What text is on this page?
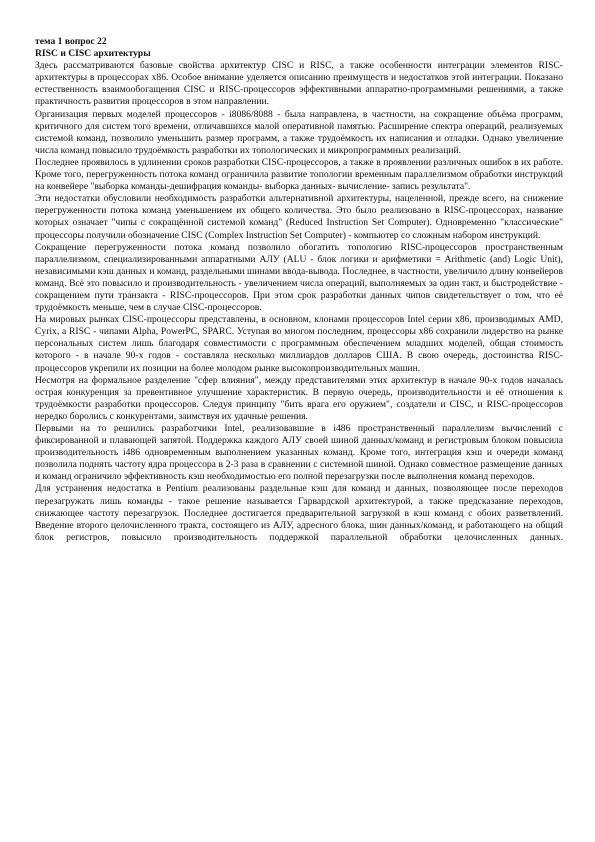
тема 1 вопрос 22
RISC и CISC архитектуры

Здесь рассматриваются базовые свойства архитектур CISC и RISC, а также особенности интеграции элементов RISC-архитектуры в процессорах x86. Особое внимание уделяется описанию преимуществ и недостатков этой интеграции. Показано естественность взаимообогащения CISC и RISC-процессоров эффективными аппаратно-программными решениями, а также практичность развития процессоров в этом направлении.

Организация первых моделей процессоров - i8086/8088 - была направлена, в частности, на сокращение объёма программ, критичного для систем того времени, отличавшихся малой оперативной памятью. Расширение спектра операций, реализуемых системой команд, позволило уменьшить размер программ, а также трудоёмкость их написания и отладки. Однако увеличение числа команд повысило трудоёмкость разработки их топологических и микропрограммных реализаций.

Последнее проявилось в удлинении сроков разработки CISC-процессоров, а также в проявлении различных ошибок в их работе. Кроме того, перегруженность потока команд ограничила развитие топологии временным параллелизмом обработки инструкций на конвейере "выборка команды-дешифрация команды- выборка данных- вычисление- запись результата".

Эти недостатки обусловили необходимость разработки альтернативной архитектуры, нацеленной, прежде всего, на снижение перегруженности потока команд уменьшением их общего количества. Это было реализовано в RISC-процессорах, название которых означает "чипы с сокращённой системой команд" (Reduced Instruction Set Computer). Одновременно "классические" процессоры получили обозначение CISC (Complex Instruction Set Computer) - компьютер со сложным набором инструкций.

Сокращение перегруженности потока команд позволило обогатить топологию RISC-процессоров пространственным параллелизмом, специализированными аппаратными АЛУ (ALU - блок логики и арифметики = Arithmetic (and) Logic Unit), независимыми кэш данных и команд, раздельными шинами ввода-вывода. Последнее, в частности, увеличило длину конвейеров команд. Всё это повысило и производительность - увеличением числа операций, выполняемых за один такт, и быстродействие - сокращением пути транзакта - RISC-процессоров. При этом срок разработки данных чипов свидетельствует о том, что её трудоёмкость меньше, чем в случае CISC-процессоров.

На мировых рынках CISC-процессоры представлены, в основном, клонами процессоров Intel серии x86, производимых AMD, Cyrix, а RISC - чипами Alpha, PowerPC, SPARC. Уступая во многом последним, процессоры x86 сохранили лидерство на рынке персональных систем лишь благодаря совместимости с программным обеспечением младших моделей, общая стоимость которого - в начале 90-х годов - составляла несколько миллиардов долларов США. В свою очередь, достоинства RISC-процессоров укрепили их позиции на более молодом рынке высокопроизводительных машин.

Несмотря на формальное разделение "сфер влияния", между представителями этих архитектур в начале 90-х годов началась острая конкуренция за превентивное улучшение характеристик. В первую очередь, производительности и её отношения к трудоёмкости разработки процессоров. Следуя принципу "бить врага его оружием", создатели и CISC, и RISC-процессоров нередко боролись с конкурентами, заимствуя их удачные решения.

Первыми на то решились разработчики Intel, реализовавшие в i486 пространственный параллелизм вычислений с фиксированной и плавающей запятой. Поддержка каждого АЛУ своей шиной данных/команд и регистровым блоком повысила производительность i486 одновременным выполнением указанных команд. Кроме того, интеграция кэш и очереди команд позволила поднять частоту ядра процессора в 2-3 раза в сравнении с системной шиной. Однако совместное размещение данных и команд ограничило эффективность кэш необходимостью его полной перезагрузки после выполнения команд переходов.

Для устранения недостатка в Pentium реализованы раздельные кэш для команд и данных, позволяющее после переходов перезагружать лишь команды - такое решение называется Гарвардской архитектурой, а также предсказание переходов, снижающее частоту перезагрузок. Последнее достигается предварительной загрузкой в кэш команд с обоих разветвлений. Введение второго целочисленного тракта, состоящего из АЛУ, адресного блока, шин данных/команд, и работающего на общий блок регистров, повысило производительность поддержкой параллельной обработки целочисленных данных.
